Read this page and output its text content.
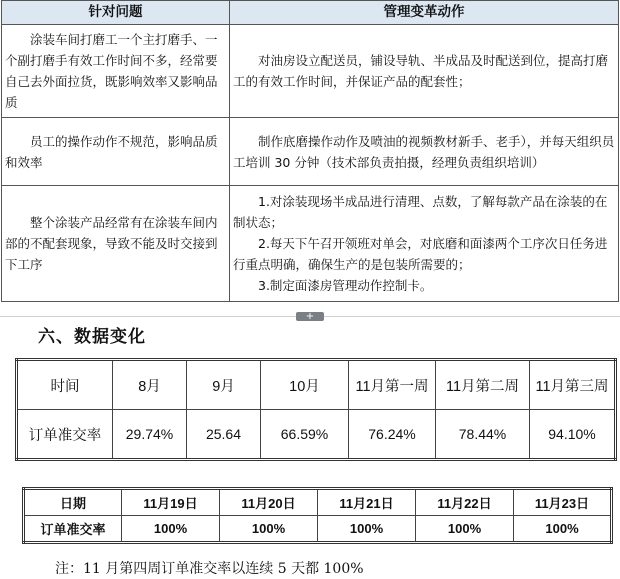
针对问题	管理变革动作

涂装车间打磨工一个主打磨手、一个副打磨手有效工作时间不多，经常要自己去外面拉货，既影响效率又影响品质	对油房设立配送员，铺设导轨、半成品及时配送到位，提高打磨工的有效工作时间，并保证产品的配套性；

员工的操作动作不规范，影响品质和效率	制作底磨操作动作及喷油的视频教材新手、老手），并每天组织员工培训 30 分钟（技术部负责拍摄，经理负责组织培训）

整个涂装产品经常有在涂装车间内部的不配套现象，导致不能及时交接到下工序	1.对涂装现场半成品进行清理、点数，了解每款产品在涂装的在制状态；
2.每天下午召开领班对单会，对底磨和面漆两个工序次日任务进行重点明确，确保生产的是包装所需要的；
3.制定面漆房管理动作控制卡。
+
六、数据变化
时间	8月	9月	10月	11月第一周	11月第二周	11月第三周
订单准交率	29.74%	25.64	66.59%	76.24%	78.44%	94.10%
日期	11月19日	11月20日	11月21日	11月22日	11月23日
订单准交率	100%	100%	100%	100%	100%
注：11 月第四周订单准交率以连续 5 天都 100%
